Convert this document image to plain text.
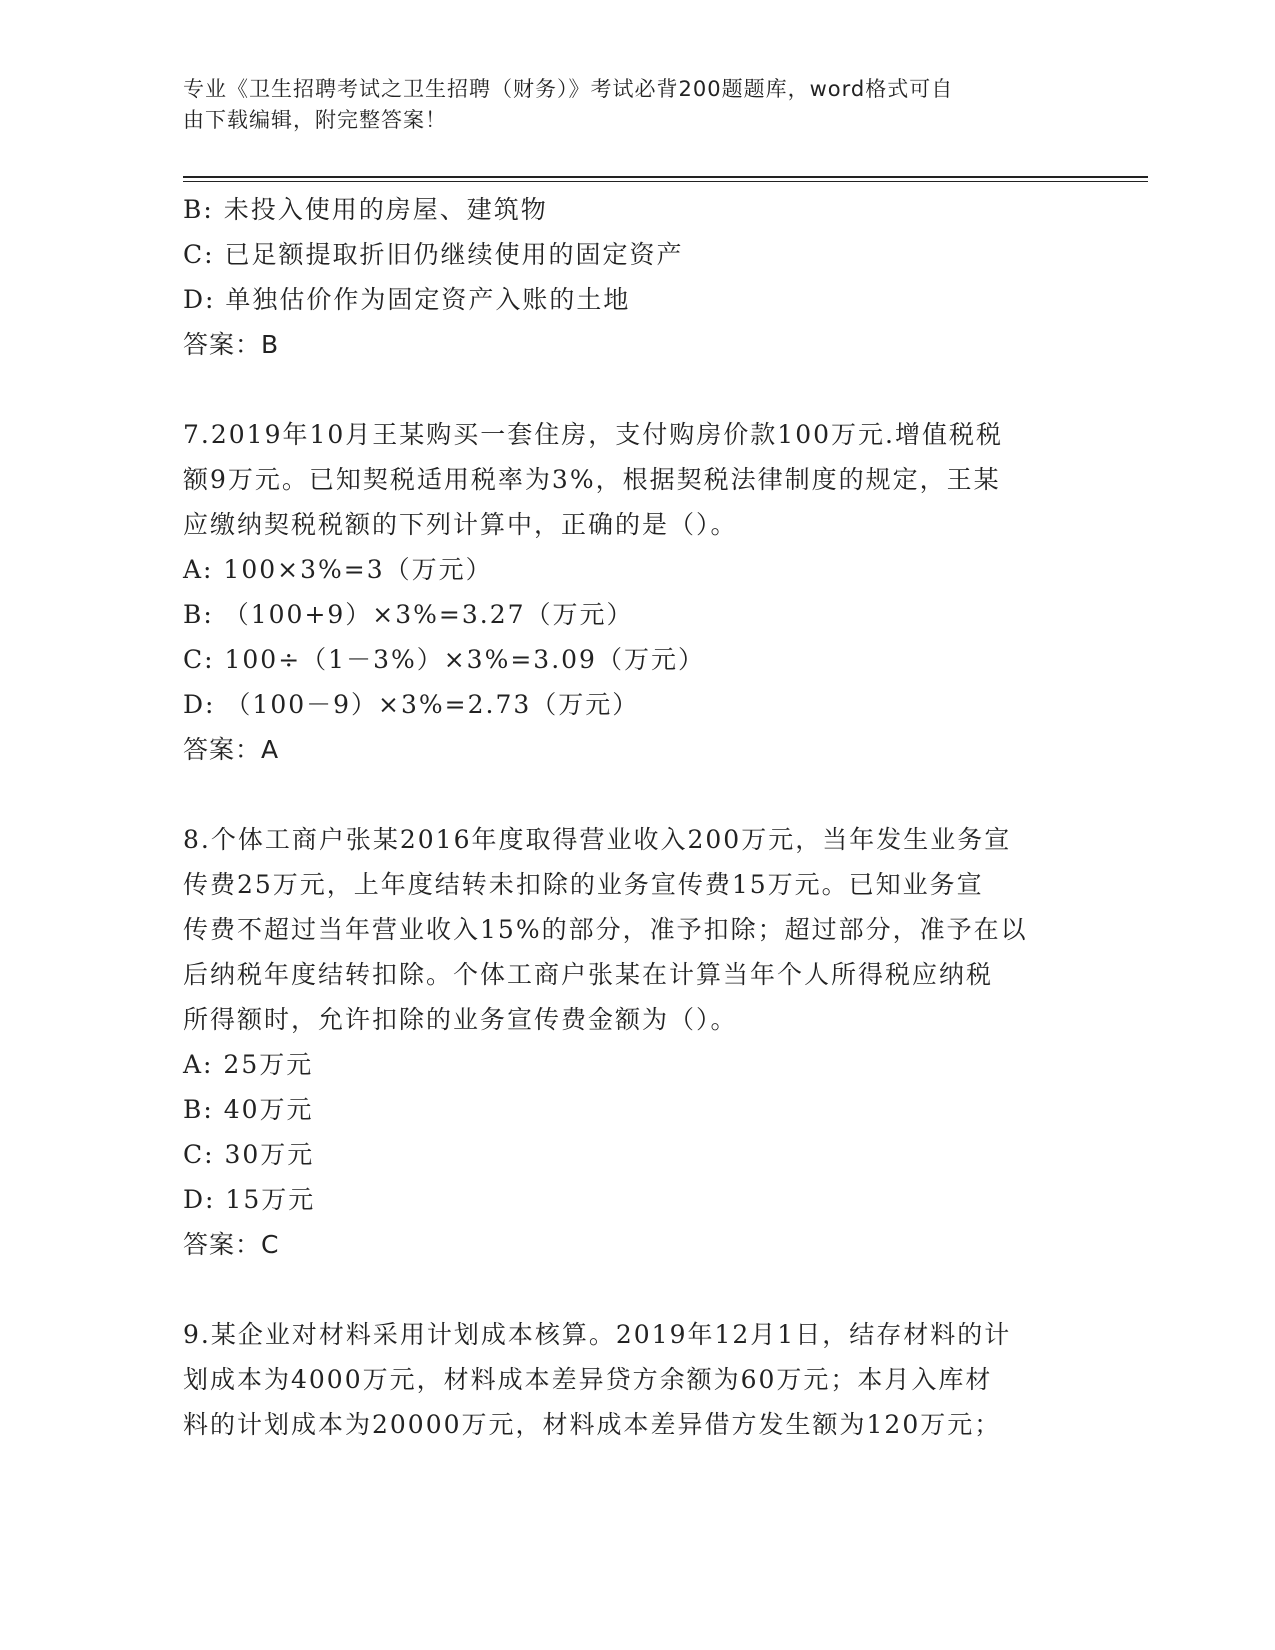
专业《卫生招聘考试之卫生招聘（财务）》考试必背200题题库，word格式可自
由下载编辑，附完整答案！
B: 未投入使用的房屋、建筑物
C: 已足额提取折旧仍继续使用的固定资产
D: 单独估价作为固定资产入账的土地
答案：B
7.2019年10月王某购买一套住房，支付购房价款100万元.增值税税
额9万元。已知契税适用税率为3%，根据契税法律制度的规定，王某
应缴纳契税税额的下列计算中，正确的是（）。
A: 100×3%=3（万元）
B: （100+9）×3%=3.27（万元）
C: 100÷（1－3%）×3%=3.09（万元）
D: （100－9）×3%=2.73（万元）
答案：A
8.个体工商户张某2016年度取得营业收入200万元，当年发生业务宣
传费25万元，上年度结转未扣除的业务宣传费15万元。已知业务宣
传费不超过当年营业收入15%的部分，准予扣除；超过部分，准予在以
后纳税年度结转扣除。个体工商户张某在计算当年个人所得税应纳税
所得额时，允许扣除的业务宣传费金额为（）。
A: 25万元
B: 40万元
C: 30万元
D: 15万元
答案：C
9.某企业对材料采用计划成本核算。2019年12月1日，结存材料的计
划成本为4000万元，材料成本差异贷方余额为60万元；本月入库材
料的计划成本为20000万元，材料成本差异借方发生额为120万元；
